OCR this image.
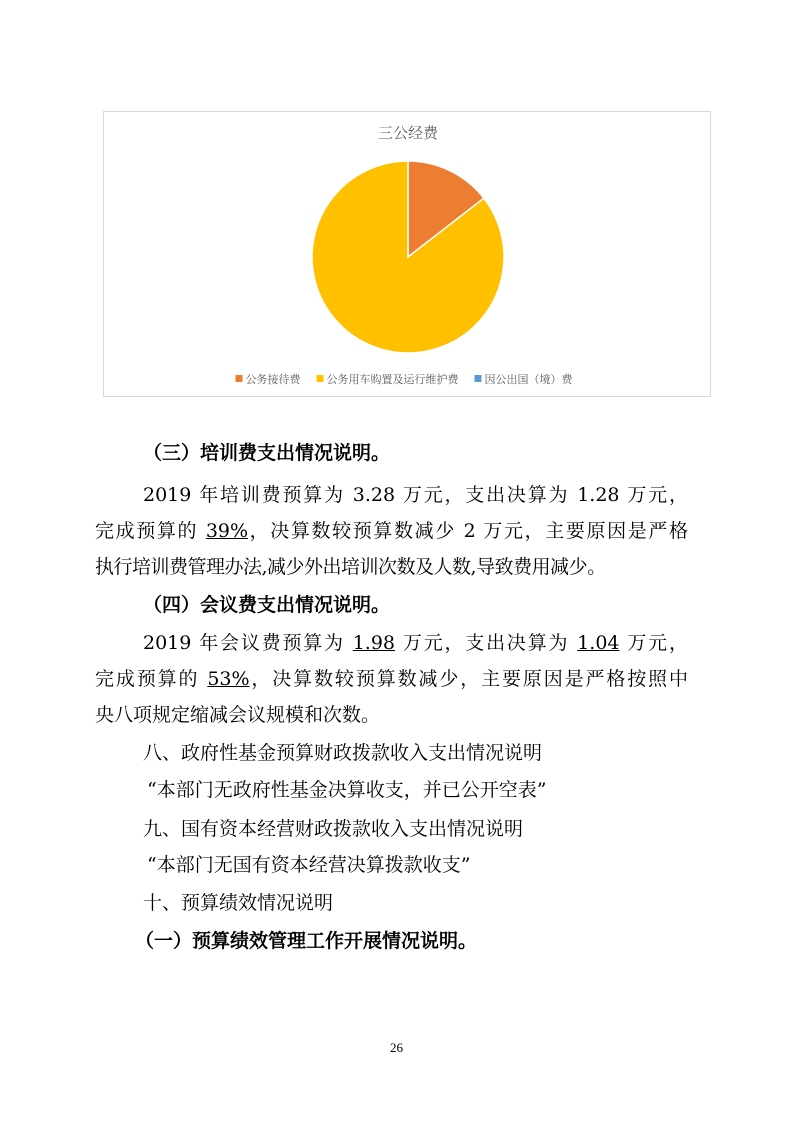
三公经费
公务接待费 公务用车购置及运行维护费 因公出国（境）费
（三）培训费支出情况说明。
2019 年培训费预算为 3.28 万元，支出决算为 1.28 万元，
完成预算的 39%，决算数较预算数减少 2 万元，主要原因是严格
执行培训费管理办法,减少外出培训次数及人数,导致费用减少。
（四）会议费支出情况说明。
2019 年会议费预算为 1.98 万元，支出决算为 1.04 万元，
完成预算的 53%，决算数较预算数减少，主要原因是严格按照中
央八项规定缩减会议规模和次数。
八、政府性基金预算财政拨款收入支出情况说明
“本部门无政府性基金决算收支，并已公开空表”
九、国有资本经营财政拨款收入支出情况说明
“本部门无国有资本经营决算拨款收支”
十、预算绩效情况说明
（一）预算绩效管理工作开展情况说明。
26
